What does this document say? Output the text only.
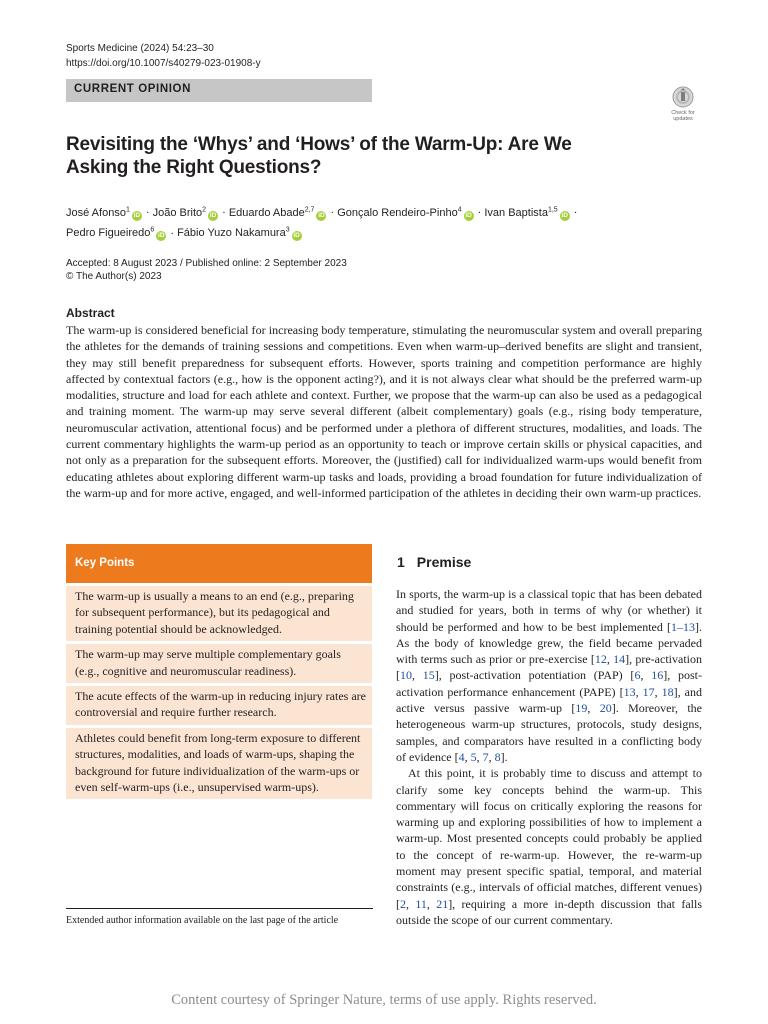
Sports Medicine (2024) 54:23–30
https://doi.org/10.1007/s40279-023-01908-y
CURRENT OPINION
Check for
updates
Revisiting the ‘Whys’ and ‘Hows’ of the Warm-Up: Are We Asking the Right Questions?
José Afonso$^1$iD · João Brito$^2$iD · Eduardo Abade$^{2,7}$iD · Gonçalo Rendeiro-Pinho$^4$iD · Ivan Baptista$^{1,5}$iD ·
Pedro Figueiredo$^6$iD · Fábio Yuzo Nakamura$^3$iD
Accepted: 8 August 2023 / Published online: 2 September 2023
© The Author(s) 2023
Abstract
The warm-up is considered beneficial for increasing body temperature, stimulating the neuromuscular system and overall preparing the athletes for the demands of training sessions and competitions. Even when warm-up–derived benefits are slight and transient, they may still benefit preparedness for subsequent efforts. However, sports training and competition performance are highly affected by contextual factors (e.g., how is the opponent acting?), and it is not always clear what should be the preferred warm-up modalities, structure and load for each athlete and context. Further, we propose that the warm-up can also be used as a pedagogical and training moment. The warm-up may serve several different (albeit complementary) goals (e.g., rising body temperature, neuromuscular activation, attentional focus) and be performed under a plethora of different structures, modalities, and loads. The current commentary highlights the warm-up period as an opportunity to teach or improve certain skills or physical capacities, and not only as a preparation for the subsequent efforts. Moreover, the (justified) call for individualized warm-ups would benefit from educating athletes about exploring different warm-up tasks and loads, providing a broad foundation for future individualization of the warm-up and for more active, engaged, and well-informed participation of the athletes in deciding their own warm-up practices.
Key Points
The warm-up is usually a means to an end (e.g., preparing for subsequent performance), but its pedagogical and training potential should be acknowledged.
The warm-up may serve multiple complementary goals (e.g., cognitive and neuromuscular readiness).
The acute effects of the warm-up in reducing injury rates are controversial and require further research.
Athletes could benefit from long-term exposure to different structures, modalities, and loads of warm-ups, shaping the background for future individualization of the warm-ups or even self-warm-ups (i.e., unsupervised warm-ups).
Extended author information available on the last page of the article
1 Premise

In sports, the warm-up is a classical topic that has been debated and studied for years, both in terms of why (or whether) it should be performed and how to be best implemented [1–13]. As the body of knowledge grew, the field became pervaded with terms such as prior or pre-exercise [12, 14], pre-activation [10, 15], post-activation potentiation (PAP) [6, 16], post-activation performance enhancement (PAPE) [13, 17, 18], and active versus passive warm-up [19, 20]. Moreover, the heterogeneous warm-up structures, protocols, study designs, samples, and comparators have resulted in a conflicting body of evidence [4, 5, 7, 8].

At this point, it is probably time to discuss and attempt to clarify some key concepts behind the warm-up. This commentary will focus on critically exploring the reasons for warming up and exploring possibilities of how to implement a warm-up. Most presented concepts could probably be applied to the concept of re-warm-up. However, the re-warm-up moment may present specific spatial, temporal, and material constraints (e.g., intervals of official matches, different venues) [2, 11, 21], requiring a more in-depth discussion that falls outside the scope of our current commentary.

Content courtesy of Springer Nature, terms of use apply. Rights reserved.
